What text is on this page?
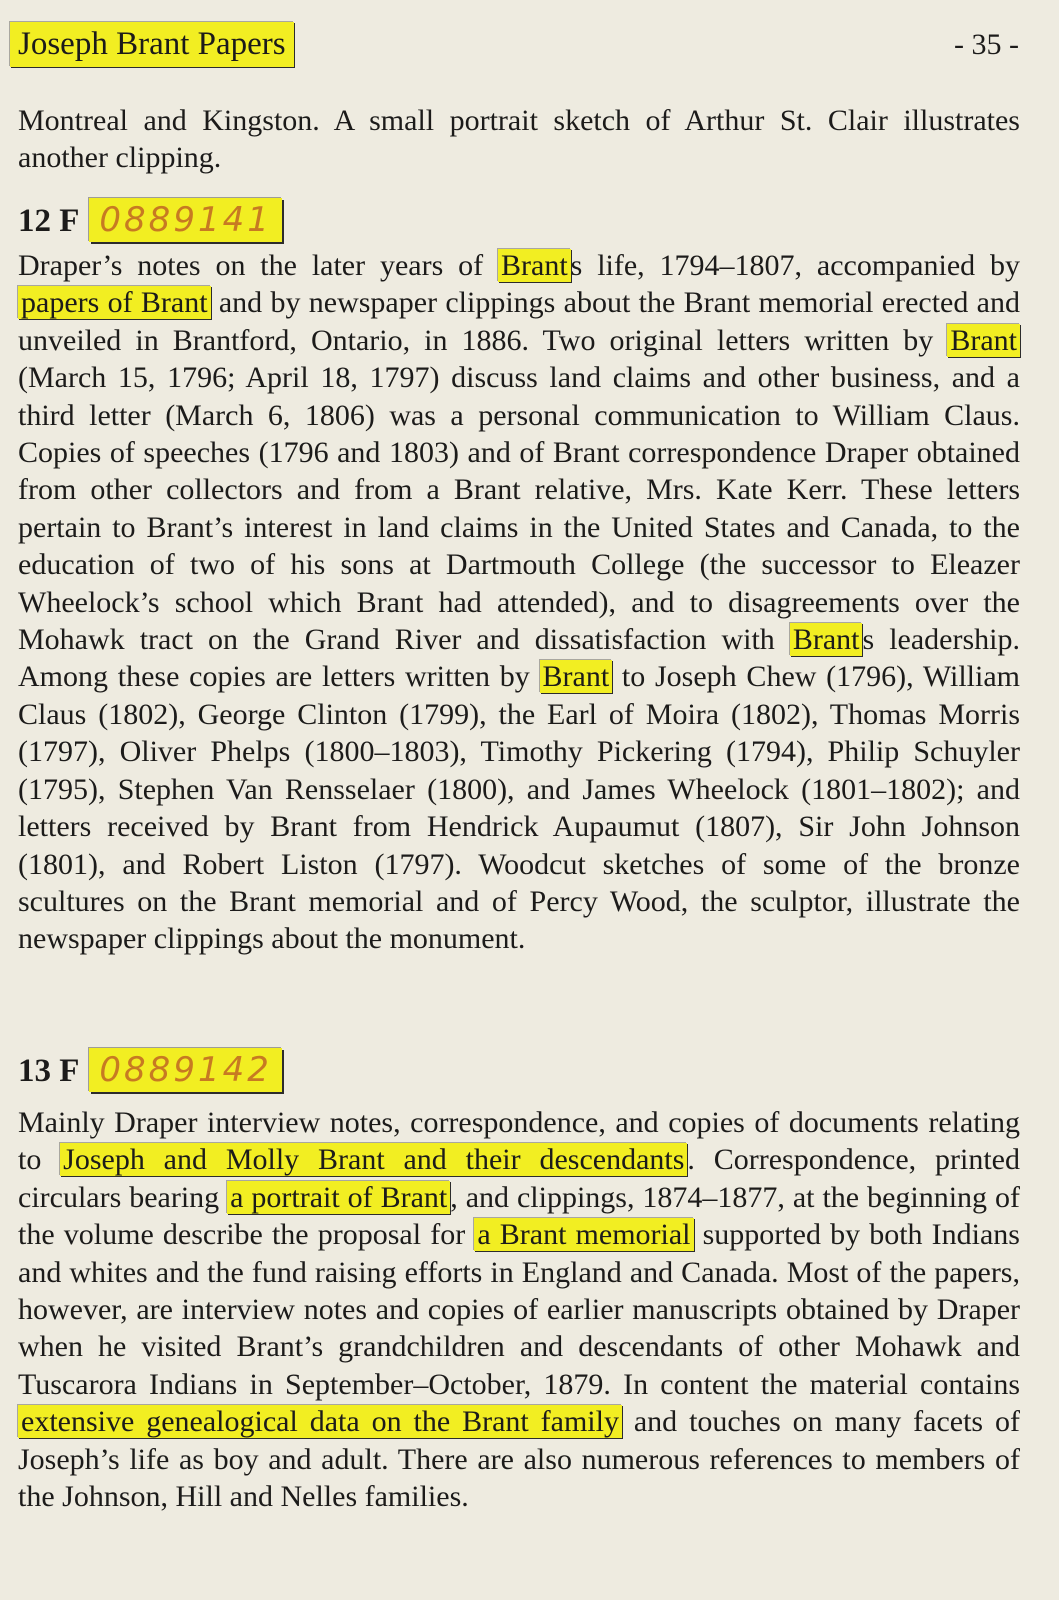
Joseph Brant Papers	- 35 -

Montreal and Kingston. A small portrait sketch of Arthur St. Clair illustrates another clipping.

12 F 0889141

Draper’s notes on the later years of Brant s life, 1794–1807, accompanied by papers of Brant and by newspaper clippings about the Brant memorial erected and unveiled in Brantford, Ontario, in 1886. Two original letters written by Brant (March 15, 1796; April 18, 1797) discuss land claims and other business, and a third letter (March 6, 1806) was a personal communication to William Claus. Copies of speeches (1796 and 1803) and of Brant correspondence Draper obtained from other collectors and from a Brant relative, Mrs. Kate Kerr. These letters pertain to Brant’s interest in land claims in the United States and Canada, to the education of two of his sons at Dartmouth College (the successor to Eleazer Wheelock’s school which Brant had attended), and to disagreements over the Mohawk tract on the Grand River and dissatisfaction with Brant s leadership. Among these copies are letters written by Brant to Joseph Chew (1796), William Claus (1802), George Clinton (1799), the Earl of Moira (1802), Thomas Morris (1797), Oliver Phelps (1800–1803), Timothy Pickering (1794), Philip Schuyler (1795), Stephen Van Rensselaer (1800), and James Wheelock (1801–1802); and letters received by Brant from Hendrick Aupaumut (1807), Sir John Johnson (1801), and Robert Liston (1797). Woodcut sketches of some of the bronze scultures on the Brant memorial and of Percy Wood, the sculptor, illustrate the newspaper clippings about the monument.

13 F 0889142

Mainly Draper interview notes, correspondence, and copies of documents relating to Joseph and Molly Brant and their descendants . Correspondence, printed circulars bearing a portrait of Brant , and clippings, 1874–1877, at the beginning of the volume describe the proposal for a Brant memorial supported by both Indians and whites and the fund raising efforts in England and Canada. Most of the papers, however, are interview notes and copies of earlier manuscripts obtained by Draper when he visited Brant’s grandchildren and descendants of other Mohawk and Tuscarora Indians in September–October, 1879. In content the material contains extensive genealogical data on the Brant family and touches on many facets of Joseph’s life as boy and adult. There are also numerous references to members of the Johnson, Hill and Nelles families.
